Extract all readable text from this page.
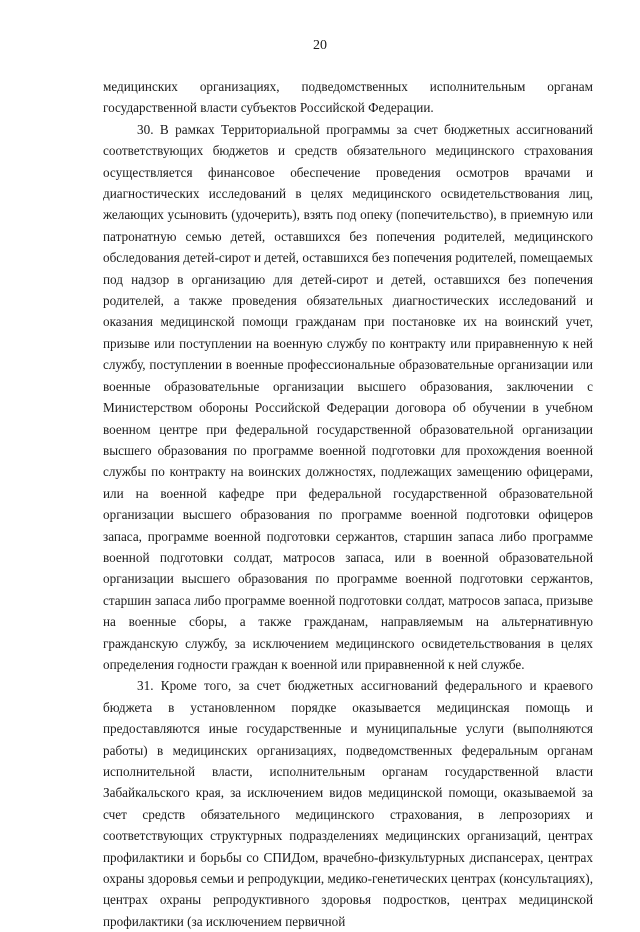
20

медицинских организациях, подведомственных исполнительным органам государственной власти субъектов Российской Федерации.

30. В рамках Территориальной программы за счет бюджетных ассигнований соответствующих бюджетов и средств обязательного медицинского страхования осуществляется финансовое обеспечение проведения осмотров врачами и диагностических исследований в целях медицинского освидетельствования лиц, желающих усыновить (удочерить), взять под опеку (попечительство), в приемную или патронатную семью детей, оставшихся без попечения родителей, медицинского обследования детей-сирот и детей, оставшихся без попечения родителей, помещаемых под надзор в организацию для детей-сирот и детей, оставшихся без попечения родителей, а также проведения обязательных диагностических исследований и оказания медицинской помощи гражданам при постановке их на воинский учет, призыве или поступлении на военную службу по контракту или приравненную к ней службу, поступлении в военные профессиональные образовательные организации или военные образовательные организации высшего образования, заключении с Министерством обороны Российской Федерации договора об обучении в учебном военном центре при федеральной государственной образовательной организации высшего образования по программе военной подготовки для прохождения военной службы по контракту на воинских должностях, подлежащих замещению офицерами, или на военной кафедре при федеральной государственной образовательной организации высшего образования по программе военной подготовки офицеров запаса, программе военной подготовки сержантов, старшин запаса либо программе военной подготовки солдат, матросов запаса, или в военной образовательной организации высшего образования по программе военной подготовки сержантов, старшин запаса либо программе военной подготовки солдат, матросов запаса, призыве на военные сборы, а также гражданам, направляемым на альтернативную гражданскую службу, за исключением медицинского освидетельствования в целях определения годности граждан к военной или приравненной к ней службе.

31. Кроме того, за счет бюджетных ассигнований федерального и краевого бюджета в установленном порядке оказывается медицинская помощь и предоставляются иные государственные и муниципальные услуги (выполняются работы) в медицинских организациях, подведомственных федеральным органам исполнительной власти, исполнительным органам государственной власти Забайкальского края, за исключением видов медицинской помощи, оказываемой за счет средств обязательного медицинского страхования, в лепрозориях и соответствующих структурных подразделениях медицинских организаций, центрах профилактики и борьбы со СПИДом, врачебно-физкультурных диспансерах, центрах охраны здоровья семьи и репродукции, медико-генетических центрах (консультациях), центрах охраны репродуктивного здоровья подростков, центрах медицинской профилактики (за исключением первичной
